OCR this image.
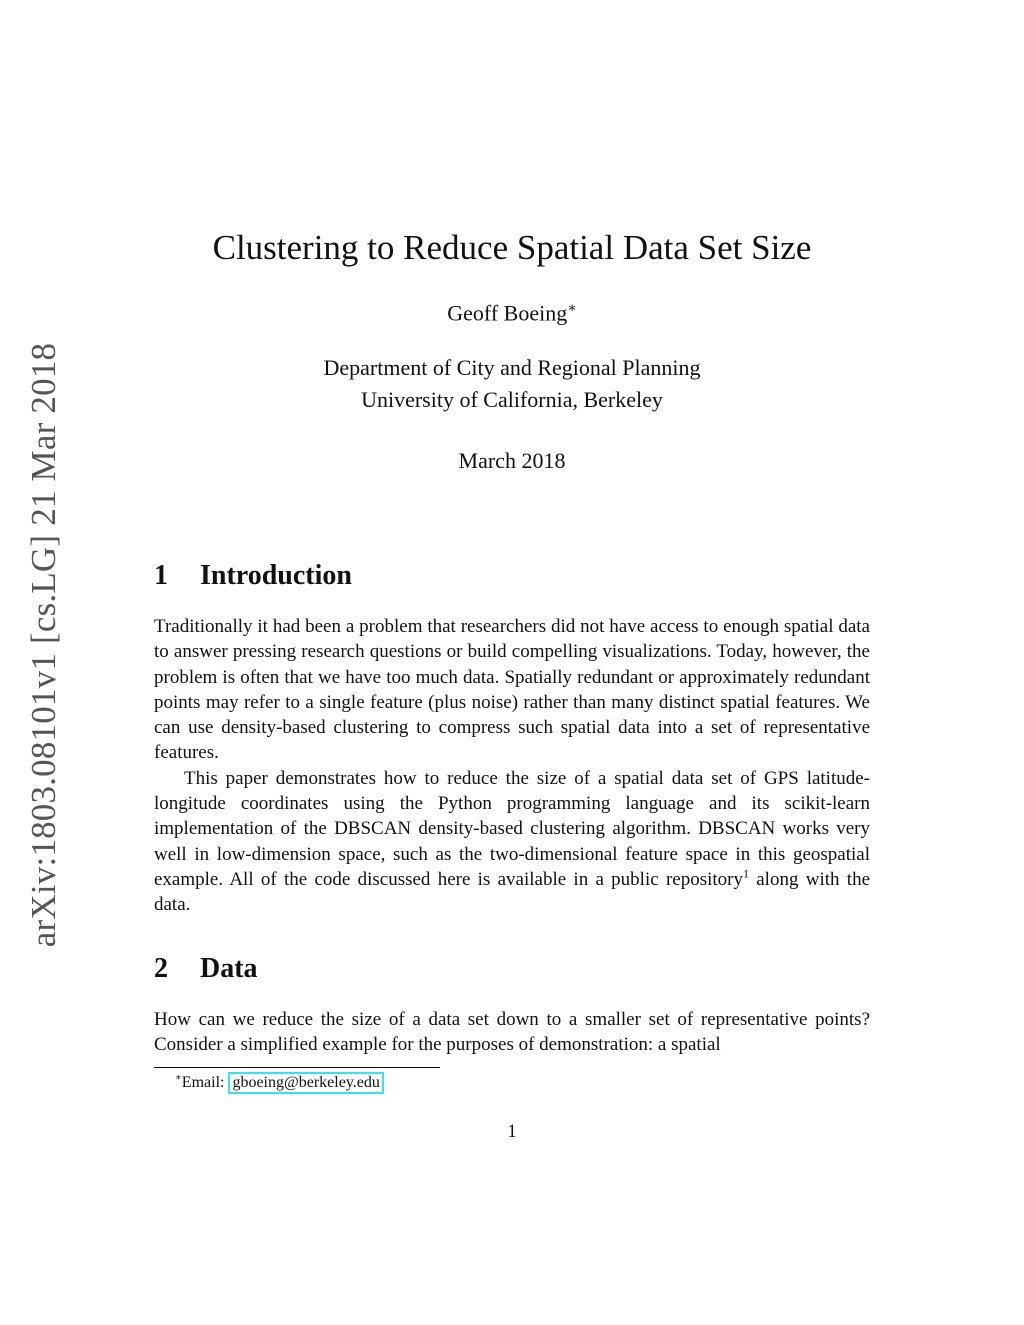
arXiv:1803.08101v1 [cs.LG] 21 Mar 2018
Clustering to Reduce Spatial Data Set Size
Geoff Boeing∗
Department of City and Regional Planning
University of California, Berkeley
March 2018
1 Introduction

Traditionally it had been a problem that researchers did not have access to enough spatial data to answer pressing research questions or build compelling visualizations. Today, however, the problem is often that we have too much data. Spatially redundant or approximately redundant points may refer to a single feature (plus noise) rather than many distinct spatial features. We can use density-based clustering to compress such spatial data into a set of representative features.

This paper demonstrates how to reduce the size of a spatial data set of GPS latitude-longitude coordinates using the Python programming language and its scikit-learn implementation of the DBSCAN density-based clustering algorithm. DBSCAN works very well in low-dimension space, such as the two-dimensional feature space in this geospatial example. All of the code discussed here is available in a public repository$^1$ along with the data.

2 Data

How can we reduce the size of a data set down to a smaller set of representative points? Consider a simplified example for the purposes of demonstration: a spatial

∗Email: gboeing@berkeley.edu
1
